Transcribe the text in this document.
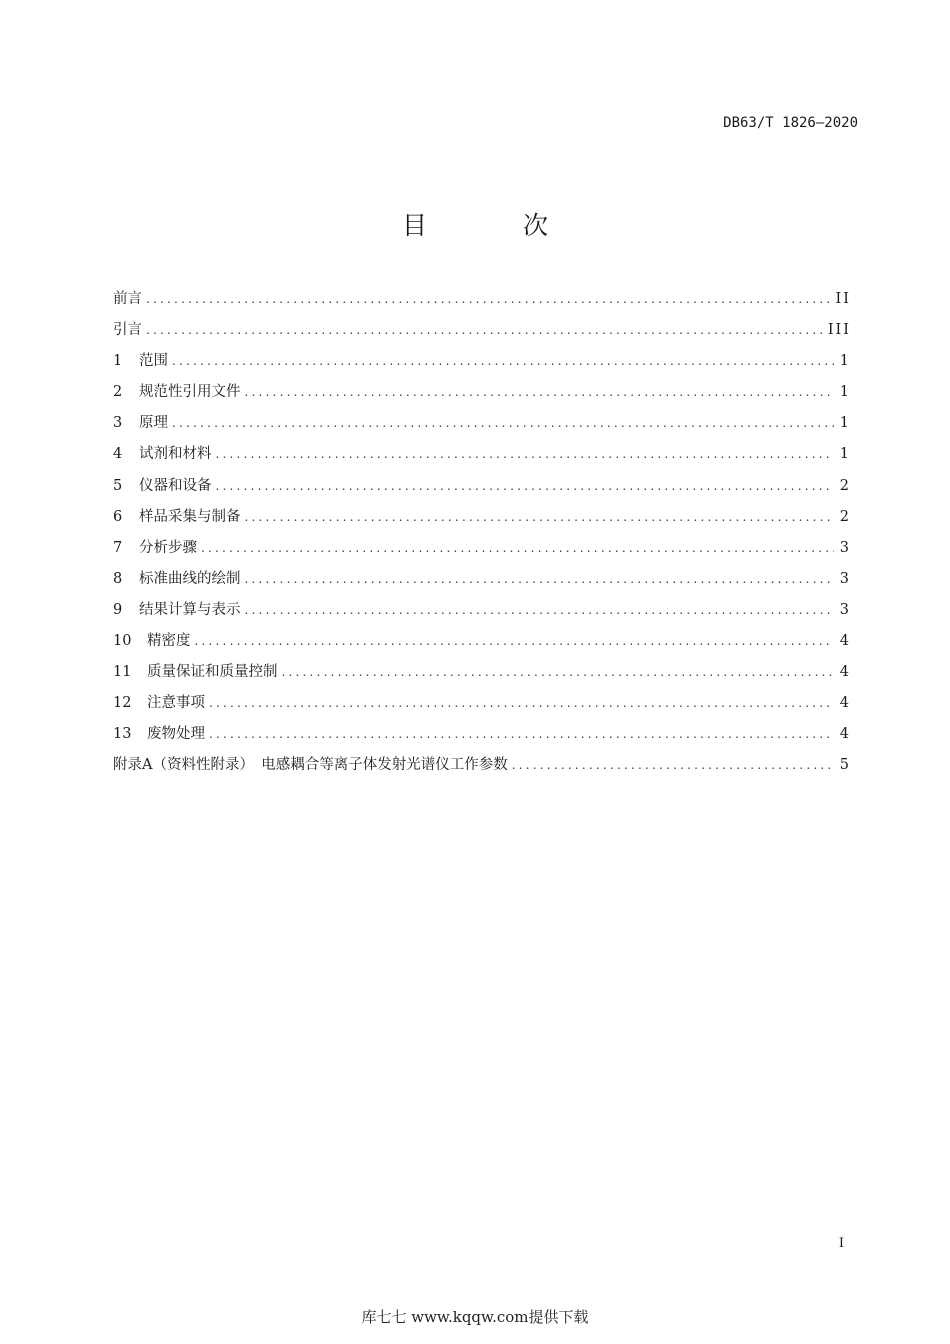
DB63/T 1826—2020
目 次
前言 .....	II
引言 .....	III
1	范围 .....	1
2	规范性引用文件 .....	1
3	原理 .....	1
4	试剂和材料 .....	1
5	仪器和设备 .....	2
6	样品采集与制备 .....	2
7	分析步骤 .....	3
8	标准曲线的绘制 .....	3
9	结果计算与表示 .....	3
10	精密度 .....	4
11	质量保证和质量控制 .....	4
12	注意事项 .....	4
13	废物处理 .....	4
附录A（资料性附录）　电感耦合等离子体发射光谱仪工作参数 .....	5
I
库七七 www.kqqw.com提供下载
